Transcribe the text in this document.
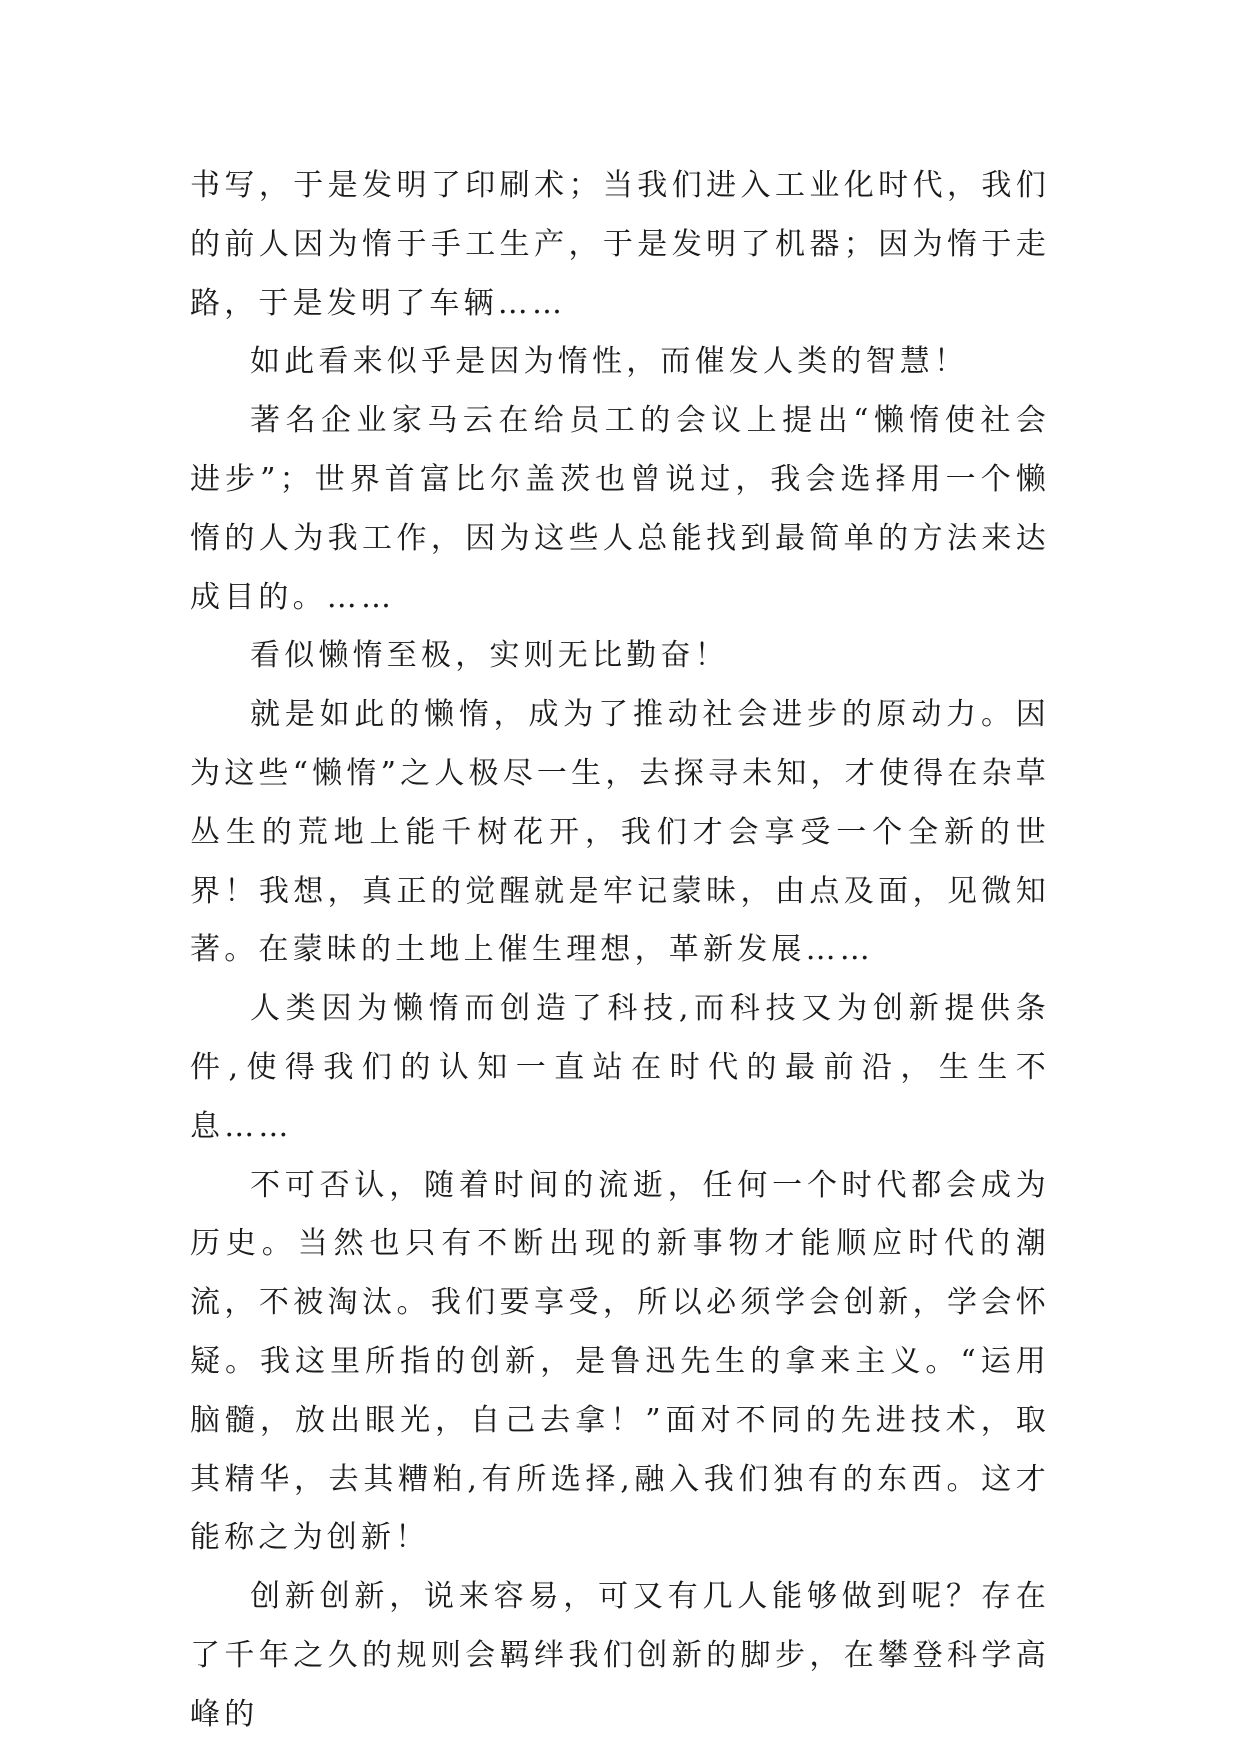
书写，于是发明了印刷术；当我们进入工业化时代，我们的前人因为惰于手工生产，于是发明了机器；因为惰于走路，于是发明了车辆……

如此看来似乎是因为惰性，而催发人类的智慧！

著名企业家马云在给员工的会议上提出“懒惰使社会进步”；世界首富比尔盖茨也曾说过，我会选择用一个懒惰的人为我工作，因为这些人总能找到最简单的方法来达成目的。……

看似懒惰至极，实则无比勤奋！

就是如此的懒惰，成为了推动社会进步的原动力。因为这些“懒惰”之人极尽一生，去探寻未知，才使得在杂草丛生的荒地上能千树花开，我们才会享受一个全新的世界！我想，真正的觉醒就是牢记蒙昧，由点及面，见微知著。在蒙昧的土地上催生理想，革新发展……

人类因为懒惰而创造了科技,而科技又为创新提供条件,使得我们的认知一直站在时代的最前沿，生生不息……

不可否认，随着时间的流逝，任何一个时代都会成为历史。当然也只有不断出现的新事物才能顺应时代的潮流，不被淘汰。我们要享受，所以必须学会创新，学会怀疑。我这里所指的创新，是鲁迅先生的拿来主义。“运用脑髓，放出眼光，自己去拿！”面对不同的先进技术，取其精华，去其糟粕,有所选择,融入我们独有的东西。这才能称之为创新！

创新创新，说来容易，可又有几人能够做到呢？存在了千年之久的规则会羁绊我们创新的脚步，在攀登科学高峰的
